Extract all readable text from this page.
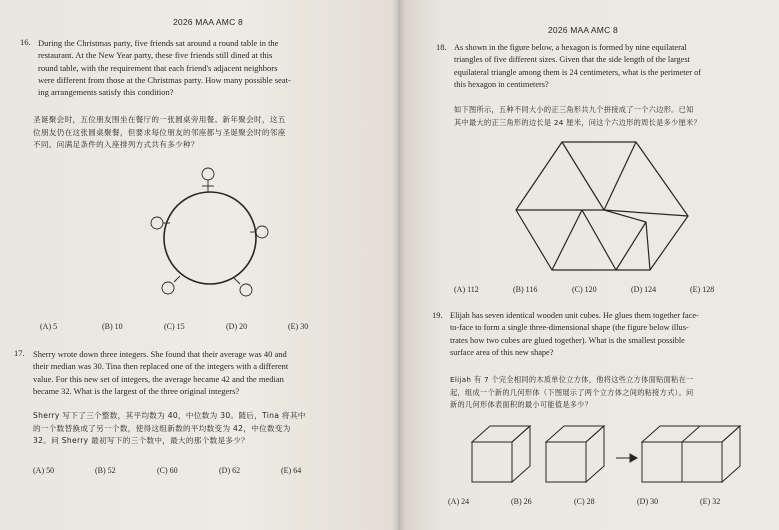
2026 MAA AMC 8
16. During the Christmas party, five friends sat around a round table in the
restaurant. At the New Year party, these five friends still dined at this
round table, with the requirement that each friend's adjacent neighbors
were different from those at the Christmas party. How many possible seat-
ing arrangements satisfy this condition?
圣诞聚会时，五位朋友围坐在餐厅的一张圆桌旁用餐。新年聚会时，这五
位朋友仍在这张圆桌聚餐，但要求每位朋友的邻座都与圣诞聚会时的邻座
不同。问满足条件的入座排列方式共有多少种？
(A) 5	(B) 10	(C) 15	(D) 20	(E) 30
17. Sherry wrote down three integers. She found that their average was 40 and
their median was 30. Tina then replaced one of the integers with a different
value. For this new set of integers, the average became 42 and the median
became 32. What is the largest of the three original integers?
Sherry 写下了三个整数，其平均数为 40，中位数为 30。随后，Tina 将其中
的一个数替换成了另一个数，使得这组新数的平均数变为 42，中位数变为
32。问 Sherry 最初写下的三个数中，最大的那个数是多少？
(A) 50	(B) 52	(C) 60	(D) 62	(E) 64
2026 MAA AMC 8
18. As shown in the figure below, a hexagon is formed by nine equilateral
triangles of five different sizes. Given that the side length of the largest
equilateral triangle among them is 24 centimeters, what is the perimeter of
this hexagon in centimeters?
如下图所示，五种不同大小的正三角形共九个拼接成了一个六边形。已知
其中最大的正三角形的边长是 24 厘米，问这个六边形的周长是多少厘米？
(A) 112	(B) 116	(C) 120	(D) 124	(E) 128
19. Elijah has seven identical wooden unit cubes. He glues them together face-
to-face to form a single three-dimensional shape (the figure below illus-
trates how two cubes are glued together). What is the smallest possible
surface area of this new shape?
Elijah 有 7 个完全相同的木质单位立方体，他将这些立方体面贴面粘在一
起，组成一个新的几何形体（下图展示了两个立方体之间的粘接方式）。问
新的几何形体表面积的最小可能值是多少？
(A) 24	(B) 26	(C) 28	(D) 30	(E) 32
